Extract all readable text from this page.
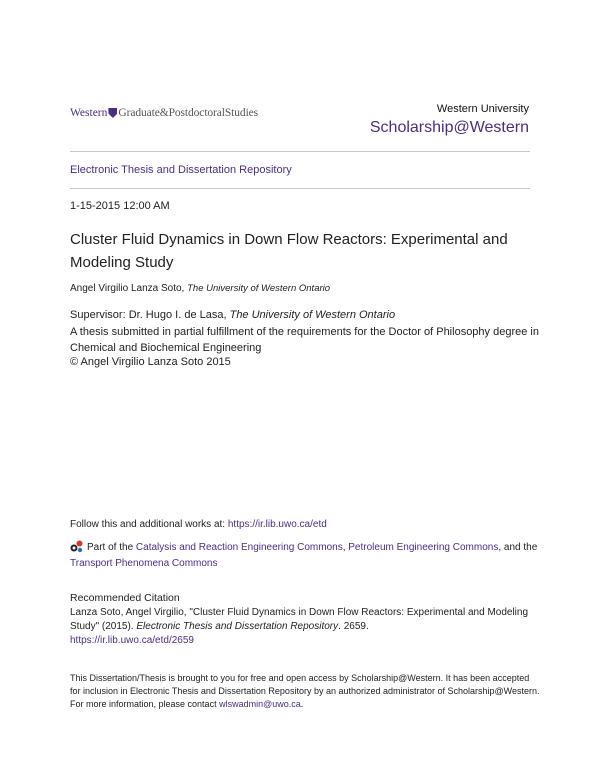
Western Graduate&PostdoctoralStudies	Western University
Scholarship@Western
Electronic Thesis and Dissertation Repository
1-15-2015 12:00 AM
Cluster Fluid Dynamics in Down Flow Reactors: Experimental and Modeling Study
Angel Virgilio Lanza Soto, The University of Western Ontario
Supervisor: Dr. Hugo I. de Lasa, The University of Western Ontario
A thesis submitted in partial fulfillment of the requirements for the Doctor of Philosophy degree in Chemical and Biochemical Engineering
© Angel Virgilio Lanza Soto 2015
Follow this and additional works at: https://ir.lib.uwo.ca/etd
Part of the Catalysis and Reaction Engineering Commons, Petroleum Engineering Commons, and the Transport Phenomena Commons
Recommended Citation
Lanza Soto, Angel Virgilio, "Cluster Fluid Dynamics in Down Flow Reactors: Experimental and Modeling Study" (2015). Electronic Thesis and Dissertation Repository. 2659.
https://ir.lib.uwo.ca/etd/2659
This Dissertation/Thesis is brought to you for free and open access by Scholarship@Western. It has been accepted for inclusion in Electronic Thesis and Dissertation Repository by an authorized administrator of Scholarship@Western. For more information, please contact wlswadmin@uwo.ca.
